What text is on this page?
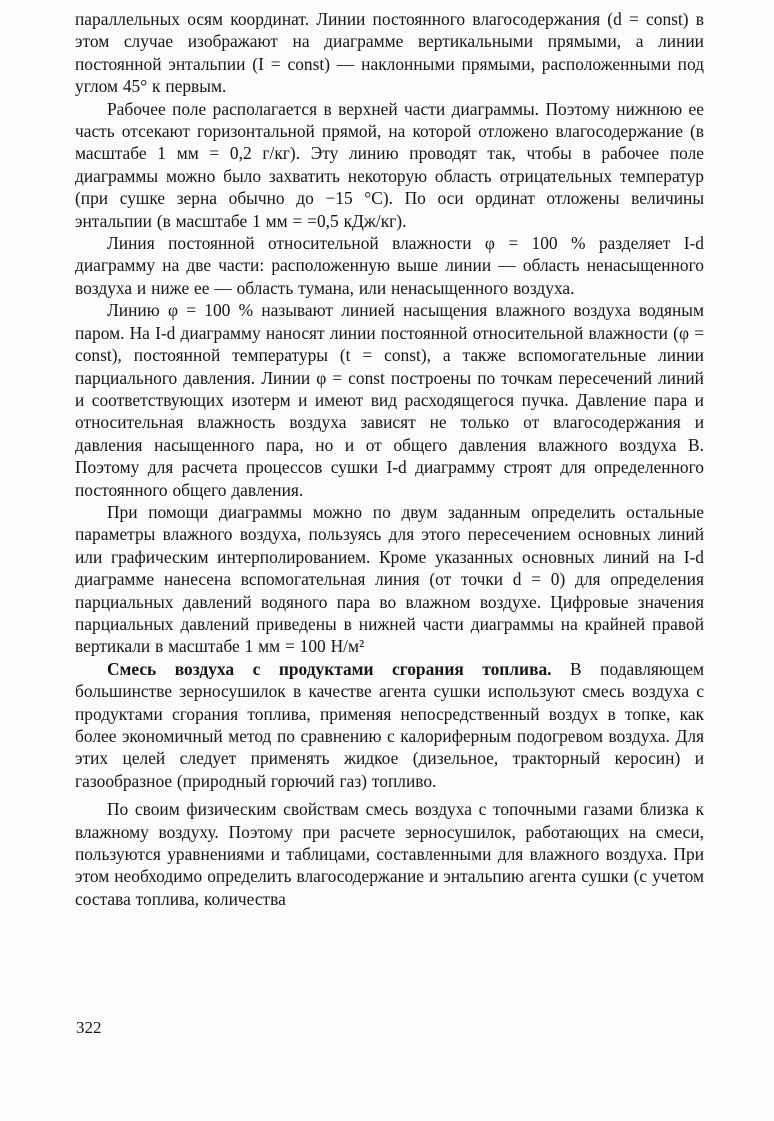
параллельных осям координат. Линии постоянного влагосодержания (d = const) в этом случае изображают на диаграмме вертикальными прямыми, а линии постоянной энтальпии (I = const) — наклонными прямыми, расположенными под углом 45° к первым.

Рабочее поле располагается в верхней части диаграммы. Поэтому нижнюю ее часть отсекают горизонтальной прямой, на которой отложено влагосодержание (в масштабе 1 мм = 0,2 г/кг). Эту линию проводят так, чтобы в рабочее поле диаграммы можно было захватить некоторую область отрицательных температур (при сушке зерна обычно до −15 °С). По оси ординат отложены величины энтальпии (в масштабе 1 мм = =0,5 кДж/кг).

Линия постоянной относительной влажности φ = 100 % разделяет I-d диаграмму на две части: расположенную выше линии — область ненасыщенного воздуха и ниже ее — область тумана, или ненасыщенного воздуха.

Линию φ = 100 % называют линией насыщения влажного воздуха водяным паром. На I-d диаграмму наносят линии постоянной относительной влажности (φ = const), постоянной температуры (t = const), а также вспомогательные линии парциального давления. Линии φ = const построены по точкам пересечений линий и соответствующих изотерм и имеют вид расходящегося пучка. Давление пара и относительная влажность воздуха зависят не только от влагосодержания и давления насыщенного пара, но и от общего давления влажного воздуха B. Поэтому для расчета процессов сушки I-d диаграмму строят для определенного постоянного общего давления.

При помощи диаграммы можно по двум заданным определить остальные параметры влажного воздуха, пользуясь для этого пересечением основных линий или графическим интерполированием. Кроме указанных основных линий на I-d диаграмме нанесена вспомогательная линия (от точки d = 0) для определения парциальных давлений водяного пара во влажном воздухе. Цифровые значения парциальных давлений приведены в нижней части диаграммы на крайней правой вертикали в масштабе 1 мм = 100 Н/м²

Смесь воздуха с продуктами сгорания топлива. В подавляющем большинстве зерносушилок в качестве агента сушки используют смесь воздуха с продуктами сгорания топлива, применяя непосредственный воздух в топке, как более экономичный метод по сравнению с калориферным подогревом воздуха. Для этих целей следует применять жидкое (дизельное, тракторный керосин) и газообразное (природный горючий газ) топливо.

По своим физическим свойствам смесь воздуха с топочными газами близка к влажному воздуху. Поэтому при расчете зерносушилок, работающих на смеси, пользуются уравнениями и таблицами, составленными для влажного воздуха. При этом необходимо определить влагосодержание и энтальпию агента сушки (с учетом состава топлива, количества

322
